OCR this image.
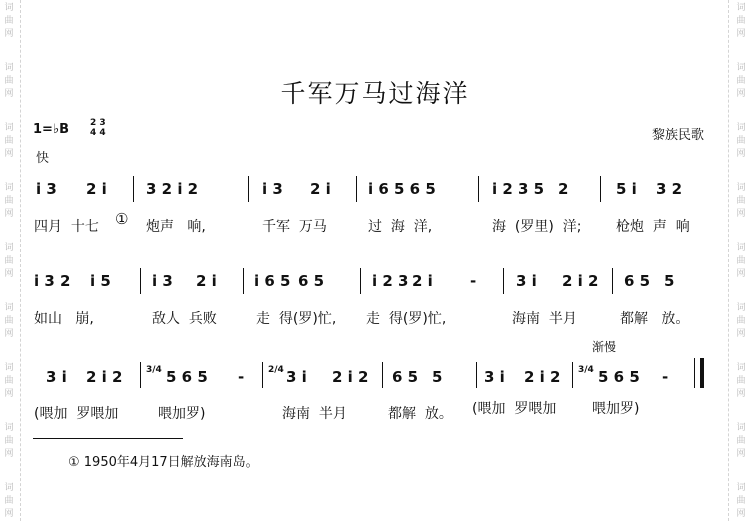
词
曲
网
词
曲
网
词
曲
网
词
曲
网
词
曲
网
词
曲
网
词
曲
网
词
曲
网
词
曲
网
词
曲
网
词
曲
网
词
曲
网
词
曲
网
词
曲
网
词
曲
网
词
曲
网
词
曲
网
词
曲
网
千军万马过海洋
1=♭B 2 3
4 4
快
黎族民歌
i 3 2 i	3 2 i 2	i 3 2 i i 6 5 6 5	i 2 3 5 2	5 i 3 2
四月  十七 ① 炮声   响,	千军  万马	过  海  洋,	海  (罗里)  洋; 枪炮  声  响
i 3 2 i 5	i 3 2 i i 6 5 6 5	i 2 3 2 i -	3 i 2 i 2 6 5 5
如山   崩,	敌人  兵败	走  得(罗)忙, 走  得(罗)忙,	海南  半月	都解   放。
渐慢
3 i 2 i 2	3/4 5 6 5 -	2/4 3 i 2 i 2 6 5 5	3 i 2 i 2 3/4 5 6 5 -
(喂加  罗喂加	喂加罗)	海南  半月	都解  放。 (喂加  罗喂加	喂加罗)
① 1950年4月17日解放海南岛。
